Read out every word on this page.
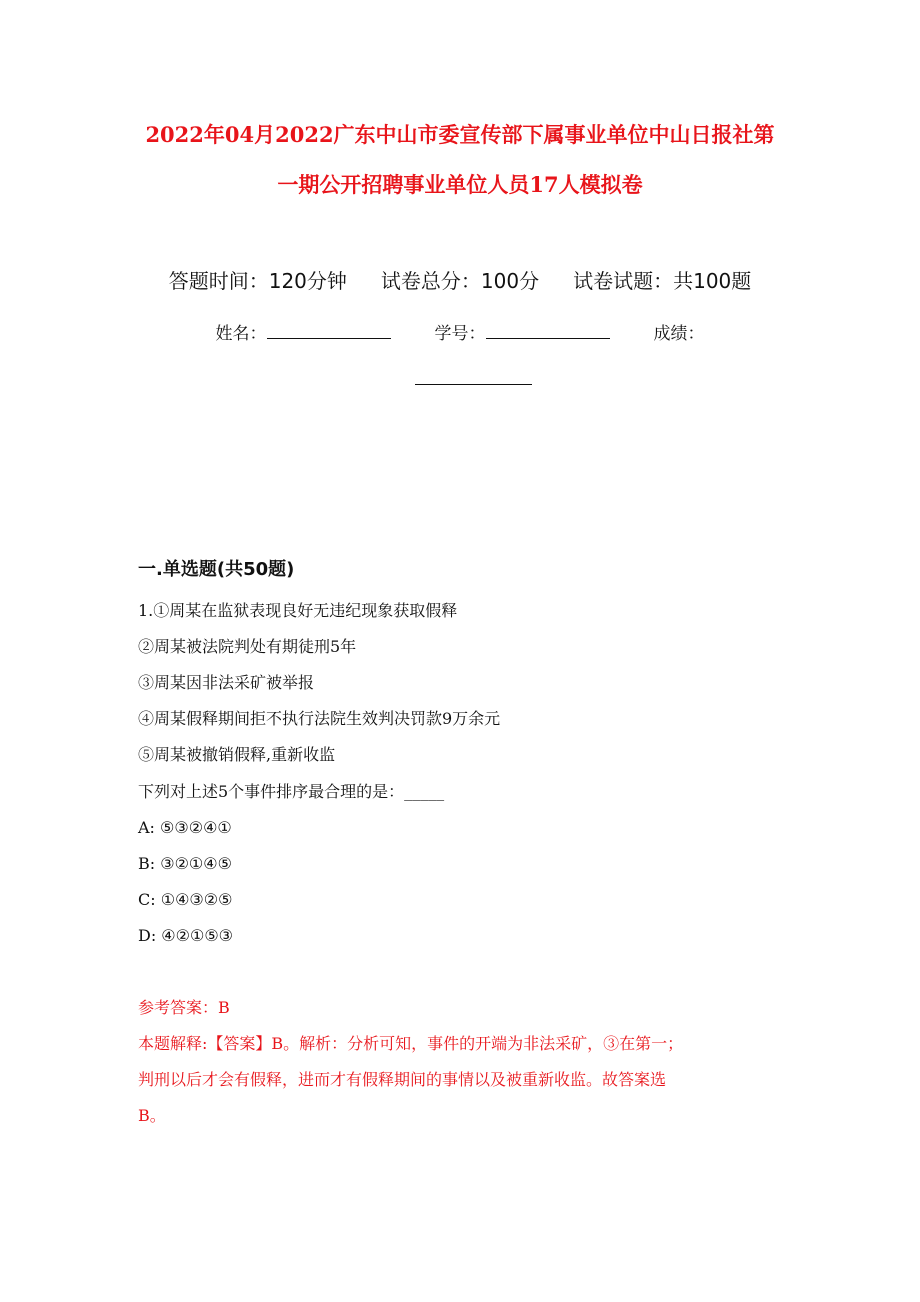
2022年04月2022广东中山市委宣传部下属事业单位中山日报社第
一期公开招聘事业单位人员17人模拟卷
答题时间：120分钟 试卷总分：100分 试卷试题：共100题
姓名：	学号：	成绩：
一.单选题(共50题)
1.①周某在监狱表现良好无违纪现象获取假释
②周某被法院判处有期徒刑5年
③周某因非法采矿被举报
④周某假释期间拒不执行法院生效判决罚款9万余元
⑤周某被撤销假释,重新收监
下列对上述5个事件排序最合理的是：_____
A: ⑤③②④①
B: ③②①④⑤
C: ①④③②⑤
D: ④②①⑤③
参考答案：B
本题解释:【答案】B。解析：分析可知，事件的开端为非法采矿，③在第一；
判刑以后才会有假释，进而才有假释期间的事情以及被重新收监。故答案选
B。
